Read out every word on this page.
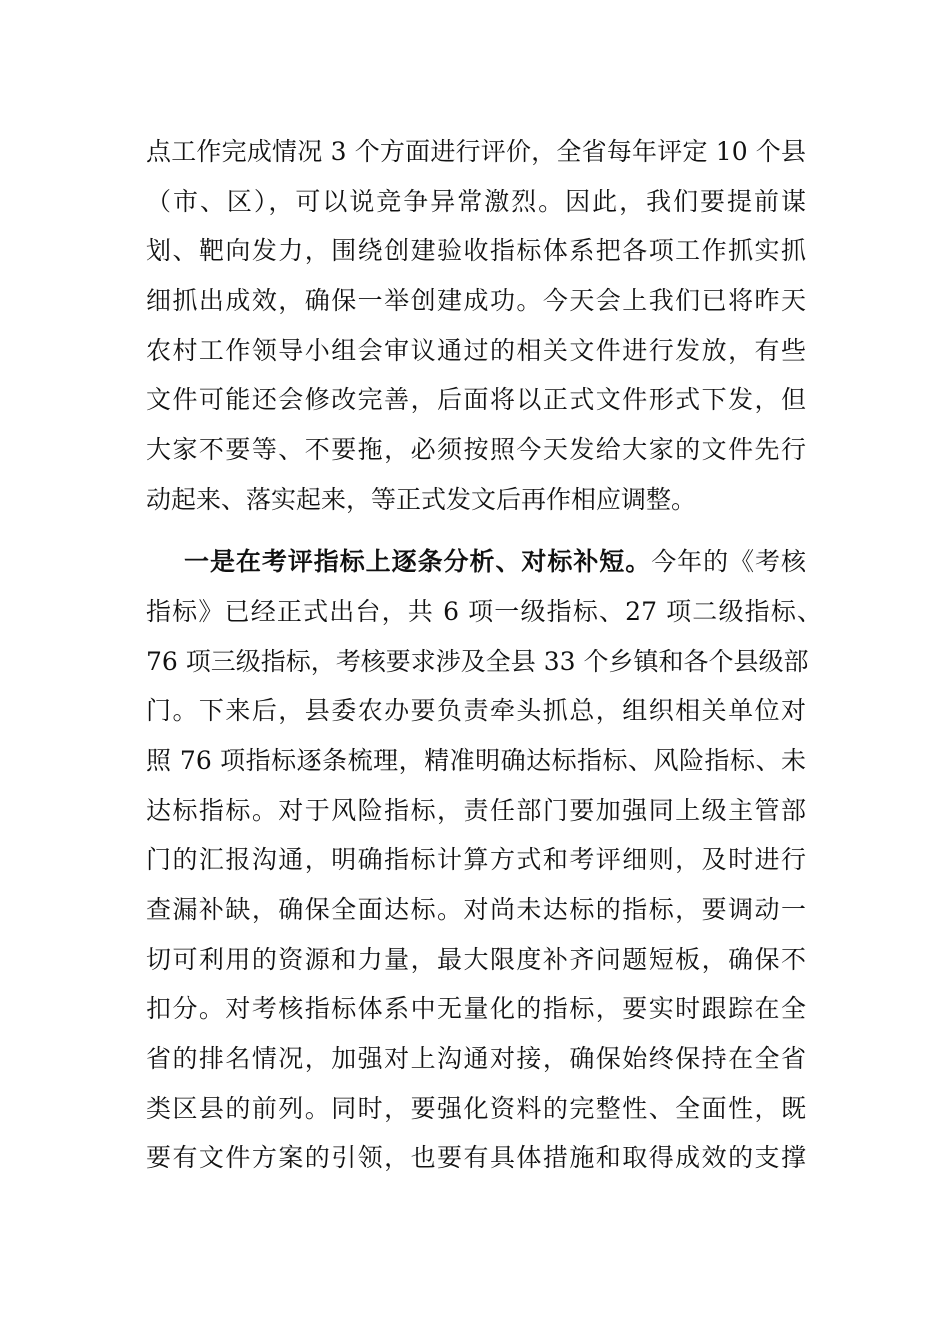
点工作完成情况 3 个方面进行评价，全省每年评定 10 个县
（市、区），可以说竞争异常激烈。因此，我们要提前谋
划、靶向发力，围绕创建验收指标体系把各项工作抓实抓
细抓出成效，确保一举创建成功。今天会上我们已将昨天
农村工作领导小组会审议通过的相关文件进行发放，有些
文件可能还会修改完善，后面将以正式文件形式下发，但
大家不要等、不要拖，必须按照今天发给大家的文件先行
动起来、落实起来，等正式发文后再作相应调整。
一是在考评指标上逐条分析、对标补短。今年的《考核
指标》已经正式出台，共 6 项一级指标、27 项二级指标、
76 项三级指标，考核要求涉及全县 33 个乡镇和各个县级部
门。下来后，县委农办要负责牵头抓总，组织相关单位对
照 76 项指标逐条梳理，精准明确达标指标、风险指标、未
达标指标。对于风险指标，责任部门要加强同上级主管部
门的汇报沟通，明确指标计算方式和考评细则，及时进行
查漏补缺，确保全面达标。对尚未达标的指标，要调动一
切可利用的资源和力量，最大限度补齐问题短板，确保不
扣分。对考核指标体系中无量化的指标，要实时跟踪在全
省的排名情况，加强对上沟通对接，确保始终保持在全省
类区县的前列。同时，要强化资料的完整性、全面性，既
要有文件方案的引领，也要有具体措施和取得成效的支撑
